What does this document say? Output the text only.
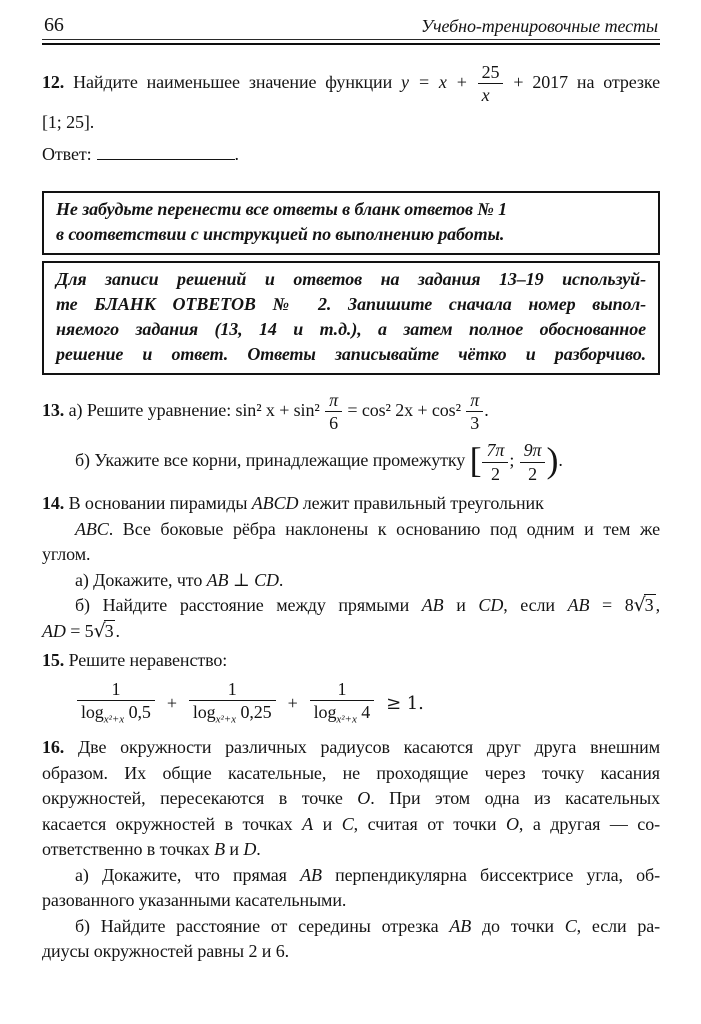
66	Учебно-тренировочные тесты
12. Найдите наименьшее значение функции $y = x + \frac{25}{x} + 2017$ на отрезке
[1; 25].
Ответ:	.
Не забудьте перенести все ответы в бланк ответов № 1
в соответствии с инструкцией по выполнению работы.
Для записи решений и ответов на задания 13–19 используй-
те БЛАНК ОТВЕТОВ № 2. Запишите сначала номер выпол-
няемого задания (13, 14 и т.д.), а затем полное обоснованное
решение и ответ. Ответы записывайте чётко и разборчиво.
13. а) Решите уравнение: sin² $x + \sin^2 \frac{\pi}{6} = \cos^2$ $2x + \cos^2 \frac{\pi}{3}$ .
б) Укажите все корни, принадлежащие промежутку [ $\frac{7\pi}{2}$ ; $\frac{9\pi}{2}$ ).
14. В основании пирамиды ABCD лежит правильный треугольник
ABC. Все боковые рёбра наклонены к основанию под одним и тем же
углом.
а) Докажите, что AB ⊥ CD.
б) Найдите расстояние между прямыми AB и CD, если AB = 8√3 ,
AD = 5√3 .
15. Решите неравенство:
$\frac{1}{\log_{x^2+x} 0,5} + \frac{1}{\log_{x^2+x} 0,25} + \frac{1}{\log_{x^2+x} 4} \ge 1$.
16. Две окружности различных радиусов касаются друг друга внешним
образом. Их общие касательные, не проходящие через точку касания
окружностей, пересекаются в точке O. При этом одна из касательных
касается окружностей в точках A и C, считая от точки O, а другая — со-
ответственно в точках B и D.
а) Докажите, что прямая AB перпендикулярна биссектрисе угла, об-
разованного указанными касательными.
б) Найдите расстояние от середины отрезка AB до точки C, если ра-
диусы окружностей равны 2 и 6.
